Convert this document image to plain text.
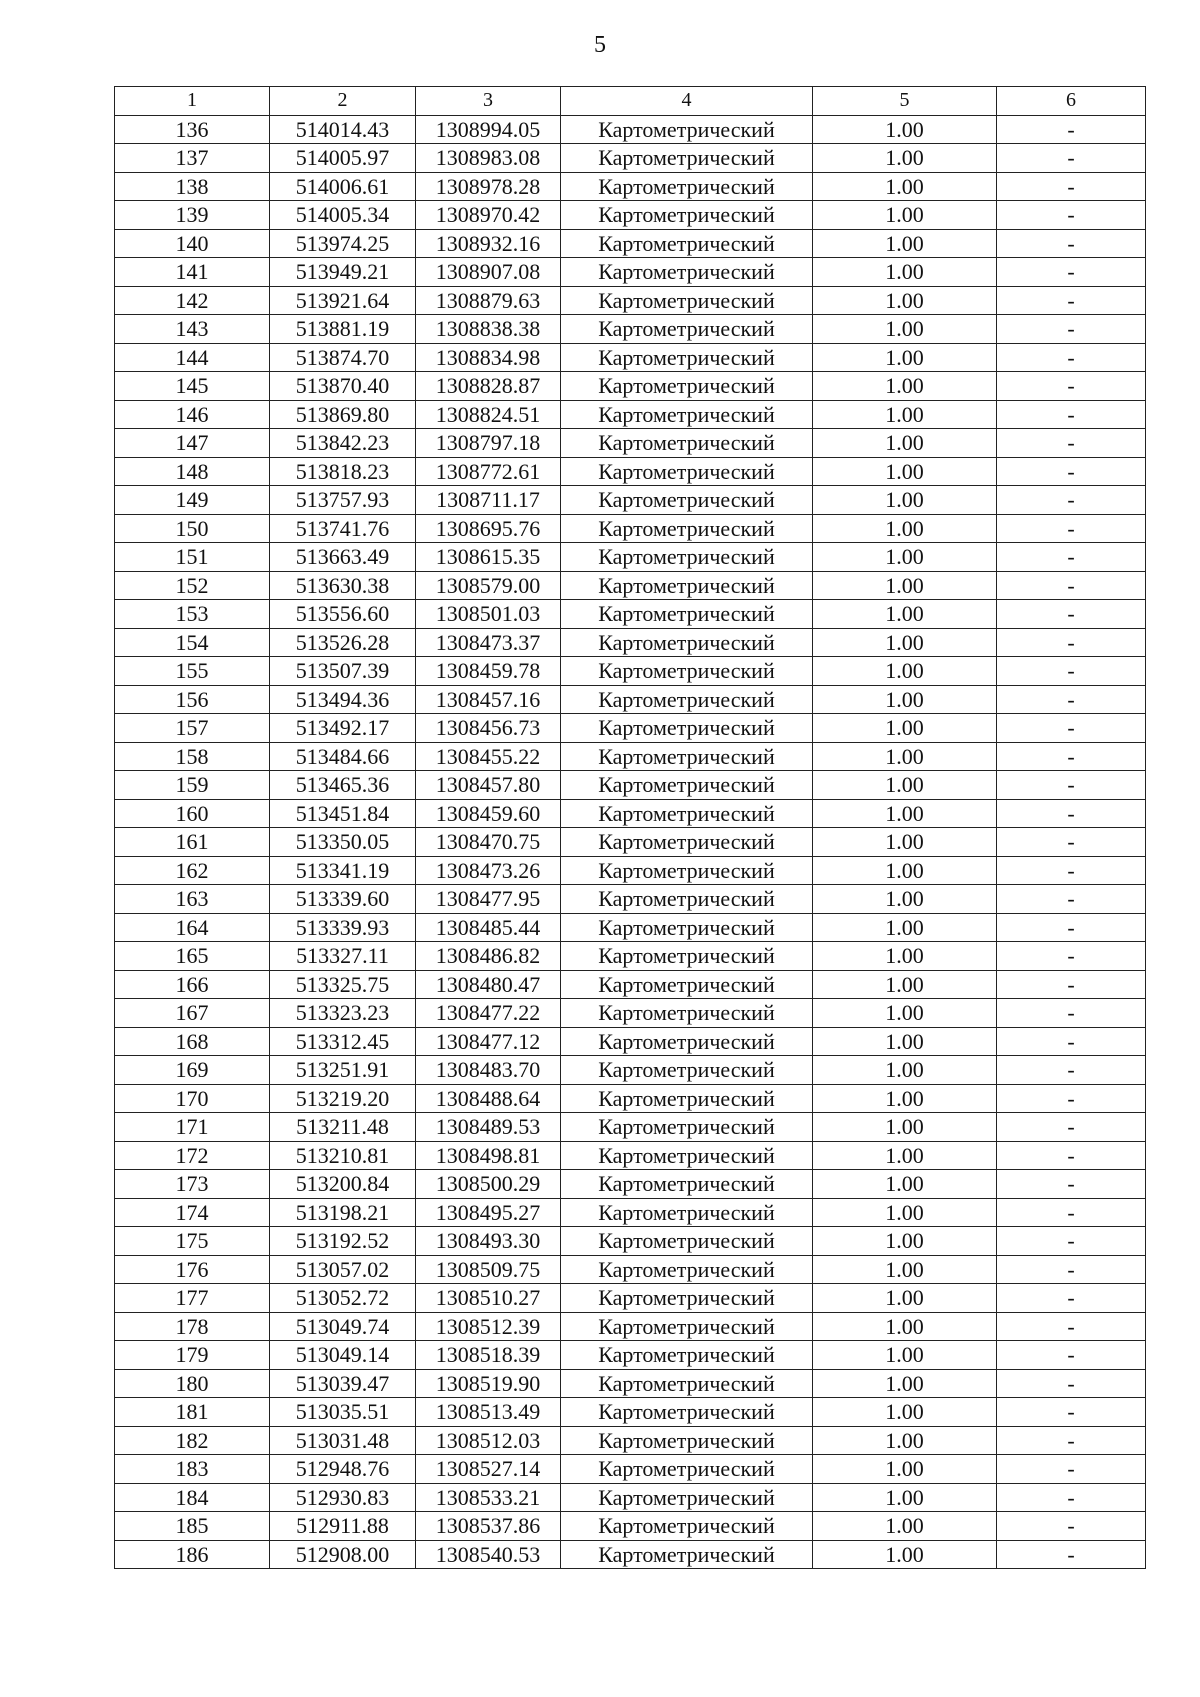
5
1	2	3	4	5	6
136	514014.43	1308994.05	Картометрический	1.00	-
137	514005.97	1308983.08	Картометрический	1.00	-
138	514006.61	1308978.28	Картометрический	1.00	-
139	514005.34	1308970.42	Картометрический	1.00	-
140	513974.25	1308932.16	Картометрический	1.00	-
141	513949.21	1308907.08	Картометрический	1.00	-
142	513921.64	1308879.63	Картометрический	1.00	-
143	513881.19	1308838.38	Картометрический	1.00	-
144	513874.70	1308834.98	Картометрический	1.00	-
145	513870.40	1308828.87	Картометрический	1.00	-
146	513869.80	1308824.51	Картометрический	1.00	-
147	513842.23	1308797.18	Картометрический	1.00	-
148	513818.23	1308772.61	Картометрический	1.00	-
149	513757.93	1308711.17	Картометрический	1.00	-
150	513741.76	1308695.76	Картометрический	1.00	-
151	513663.49	1308615.35	Картометрический	1.00	-
152	513630.38	1308579.00	Картометрический	1.00	-
153	513556.60	1308501.03	Картометрический	1.00	-
154	513526.28	1308473.37	Картометрический	1.00	-
155	513507.39	1308459.78	Картометрический	1.00	-
156	513494.36	1308457.16	Картометрический	1.00	-
157	513492.17	1308456.73	Картометрический	1.00	-
158	513484.66	1308455.22	Картометрический	1.00	-
159	513465.36	1308457.80	Картометрический	1.00	-
160	513451.84	1308459.60	Картометрический	1.00	-
161	513350.05	1308470.75	Картометрический	1.00	-
162	513341.19	1308473.26	Картометрический	1.00	-
163	513339.60	1308477.95	Картометрический	1.00	-
164	513339.93	1308485.44	Картометрический	1.00	-
165	513327.11	1308486.82	Картометрический	1.00	-
166	513325.75	1308480.47	Картометрический	1.00	-
167	513323.23	1308477.22	Картометрический	1.00	-
168	513312.45	1308477.12	Картометрический	1.00	-
169	513251.91	1308483.70	Картометрический	1.00	-
170	513219.20	1308488.64	Картометрический	1.00	-
171	513211.48	1308489.53	Картометрический	1.00	-
172	513210.81	1308498.81	Картометрический	1.00	-
173	513200.84	1308500.29	Картометрический	1.00	-
174	513198.21	1308495.27	Картометрический	1.00	-
175	513192.52	1308493.30	Картометрический	1.00	-
176	513057.02	1308509.75	Картометрический	1.00	-
177	513052.72	1308510.27	Картометрический	1.00	-
178	513049.74	1308512.39	Картометрический	1.00	-
179	513049.14	1308518.39	Картометрический	1.00	-
180	513039.47	1308519.90	Картометрический	1.00	-
181	513035.51	1308513.49	Картометрический	1.00	-
182	513031.48	1308512.03	Картометрический	1.00	-
183	512948.76	1308527.14	Картометрический	1.00	-
184	512930.83	1308533.21	Картометрический	1.00	-
185	512911.88	1308537.86	Картометрический	1.00	-
186	512908.00	1308540.53	Картометрический	1.00	-
